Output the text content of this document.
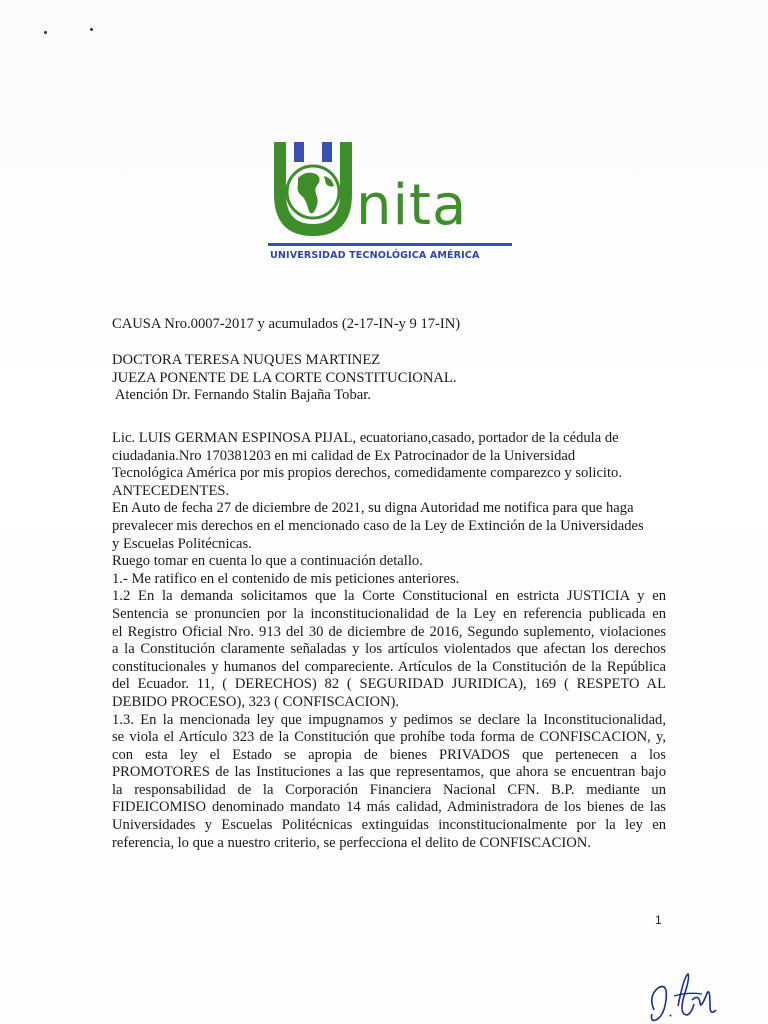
nita
UNIVERSIDAD TECNOLÓGICA AMÉRICA
CAUSA Nro.0007-2017 y acumulados (2-17-IN-y 9 17-IN)
DOCTORA TERESA NUQUES MARTINEZ
JUEZA PONENTE DE LA CORTE CONSTITUCIONAL.
Atención Dr. Fernando Stalin Bajaña Tobar.
Lic. LUIS GERMAN ESPINOSA PIJAL, ecuatoriano,casado, portador de la cédula de
ciudadania.Nro 170381203 en mi calidad de Ex Patrocinador de la Universidad
Tecnológica América por mis propios derechos, comedidamente comparezco y solicito.
ANTECEDENTES.
En Auto de fecha 27 de diciembre de 2021, su digna Autoridad me notifica para que haga
prevalecer mis derechos en el mencionado caso de la Ley de Extinción de la Universidades
y Escuelas Politécnicas.
Ruego tomar en cuenta lo que a continuación detallo.
1.- Me ratifico en el contenido de mis peticiones anteriores.
1.2 En la demanda solicitamos que la Corte Constitucional en estricta JUSTICIA y en
Sentencia se pronuncien por la inconstitucionalidad de la Ley en referencia publicada en
el Registro Oficial Nro. 913 del 30 de diciembre de 2016, Segundo suplemento, violaciones
a la Constitución claramente señaladas y los artículos violentados que afectan los derechos
constitucionales y humanos del compareciente. Artículos de la Constitución de la República
del Ecuador. 11, ( DERECHOS) 82 ( SEGURIDAD JURIDICA), 169 ( RESPETO AL
DEBIDO PROCESO), 323 ( CONFISCACION).
1.3. En la mencionada ley que impugnamos y pedimos se declare la Inconstitucionalidad,
se viola el Artículo 323 de la Constitución que prohíbe toda forma de CONFISCACION, y,
con esta ley el Estado se apropia de bienes PRIVADOS que pertenecen a los
PROMOTORES de las Instituciones a las que representamos, que ahora se encuentran bajo
la responsabilidad de la Corporación Financiera Nacional CFN. B.P. mediante un
FIDEICOMISO denominado mandato 14 más calidad, Administradora de los bienes de las
Universidades y Escuelas Politécnicas extinguidas inconstitucionalmente por la ley en
referencia, lo que a nuestro criterio, se perfecciona el delito de CONFISCACION.
1
